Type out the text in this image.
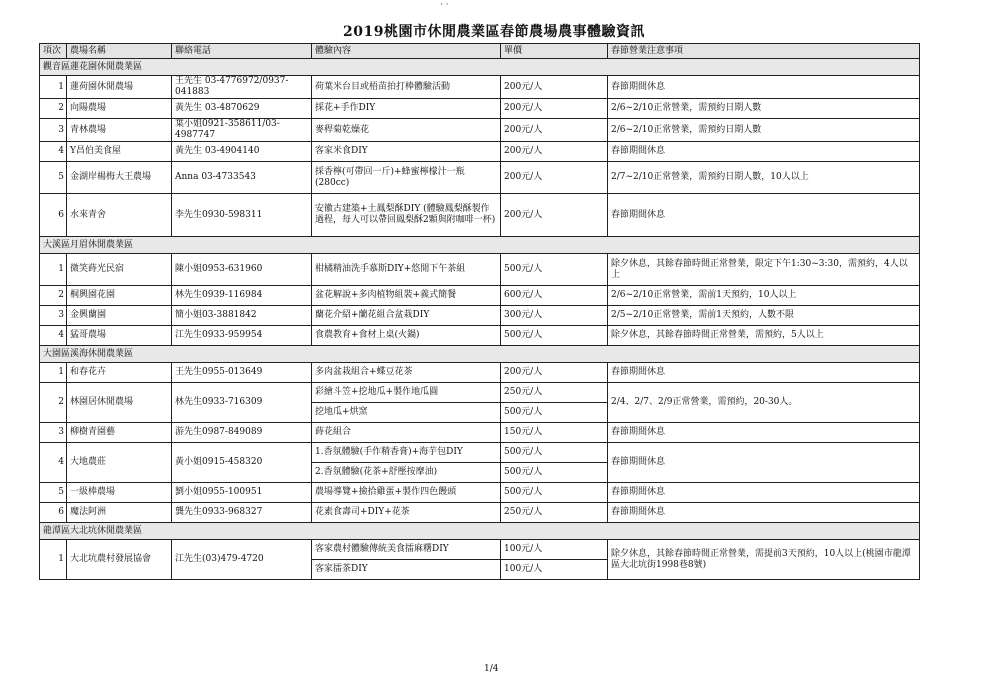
· ·
2019桃園市休閒農業區春節農場農事體驗資訊
項次	農場名稱	聯絡電話	體驗內容	單價	春節營業注意事項
觀音區蓮花園休閒農業區					
1	蓮荷園休閒農場	王先生 03-4776972/0937-041883	荷葉米台目或梧苗拍打棒體驗活動	200元/人	春節期間休息
2	向陽農場	黃先生 03-4870629	採花+手作DIY	200元/人	2/6~2/10正常營業，需預約日期人數
3	青林農場	葉小姐0921-358611/03-4987747	麥稈菊乾燥花	200元/人	2/6~2/10正常營業，需預約日期人數
4	Y昌伯美食屋	黃先生 03-4904140	客家米食DIY	200元/人	春節期間休息
5	金湖岸楊梅大王農場	Anna 03-4733543	採香檸(可帶回一斤)+蜂蜜檸檬汁一瓶(280cc)	200元/人	2/7~2/10正常營業，需預約日期人數，10人以上
6	水來青舍	李先生0930-598311	安徽古建築+土鳳梨酥DIY (體驗鳳梨酥製作過程，每人可以帶回鳳梨酥2顆與附咖啡一杯)	200元/人	春節期間休息
大溪區月眉休閒農業區					
1	微笑蒔光民宿	陳小姐0953-631960	柑橘精油洗手慕斯DIY+悠閒下午茶組	500元/人	除夕休息，其餘春節時間正常營業，限定下午1:30~3:30，需預約，4人以上
2	桐興園花園	林先生0939-116984	盆花解說+多肉植物組裝+義式簡餐	600元/人	2/6~2/10正常營業，需前1天預約，10人以上
3	金興蘭園	簡小姐03-3881842	蘭花介紹+蘭花組合盆栽DIY	300元/人	2/5~2/10正常營業，需前1天預約，人數不限
4	猛哥農場	江先生0933-959954	食農教育+食材上桌(火鍋)	500元/人	除夕休息，其餘春節時間正常營業，需預約，5人以上
大園區溪海休閒農業區					
1	和春花卉	王先生0955-013649	多肉盆栽組合+蝶豆花茶	200元/人	春節期間休息
2	林園居休閒農場	林先生0933-716309	彩繪斗笠+挖地瓜+製作地瓜圓	250元/人	2/4、2/7、2/9正常營業，需預約，20-30人。
			挖地瓜+烘窯	500元/人	
3	柳樹青園藝	游先生0987-849089	蒔花組合	150元/人	春節期間休息
4	大地農莊	黃小姐0915-458320	1.香氛體驗(手作精香膏)+海芋包DIY	500元/人	春節期間休息
			2.香氛體驗(花茶+舒壓按摩油)	500元/人	
5	一級棒農場	劉小姐0955-100951	農場導覽+撿拾雞蛋+製作四色饅頭	500元/人	春節期間休息
6	魔法阿洲	龔先生0933-968327	花素食壽司+DIY+花茶	250元/人	春節期間休息
龍潭區大北坑休閒農業區					
1	大北坑農村發展協會	江先生(03)479-4720	客家農村體驗傳統美食擂麻糬DIY	100元/人	除夕休息，其餘春節時間正常營業，需提前3天預約，10人以上(桃園市龍潭區大北坑街1998巷8號)
			客家擂茶DIY	100元/人	
1/4
